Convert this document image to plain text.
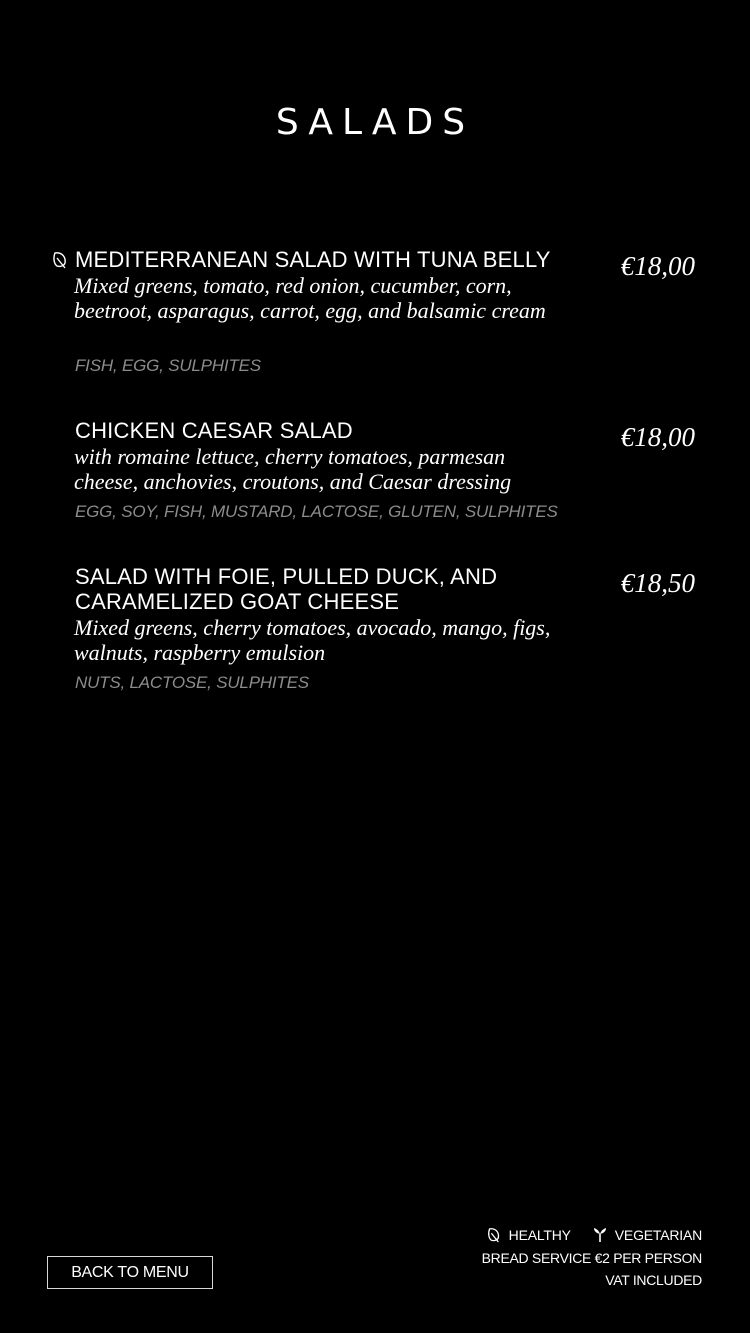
SALADS
MEDITERRANEAN SALAD WITH TUNA BELLY
Mixed greens, tomato, red onion, cucumber, corn, beetroot, asparagus, carrot, egg, and balsamic cream
FISH, EGG, SULPHITES
€18,00
CHICKEN CAESAR SALAD
with romaine lettuce, cherry tomatoes, parmesan cheese, anchovies, croutons, and Caesar dressing
EGG, SOY, FISH, MUSTARD, LACTOSE, GLUTEN, SULPHITES
€18,00
SALAD WITH FOIE, PULLED DUCK, AND CARAMELIZED GOAT CHEESE
Mixed greens, cherry tomatoes, avocado, mango, figs, walnuts, raspberry emulsion
NUTS, LACTOSE, SULPHITES
€18,50
BACK TO MENU
HEALTHY	VEGETARIAN
BREAD SERVICE €2 PER PERSON
VAT INCLUDED
